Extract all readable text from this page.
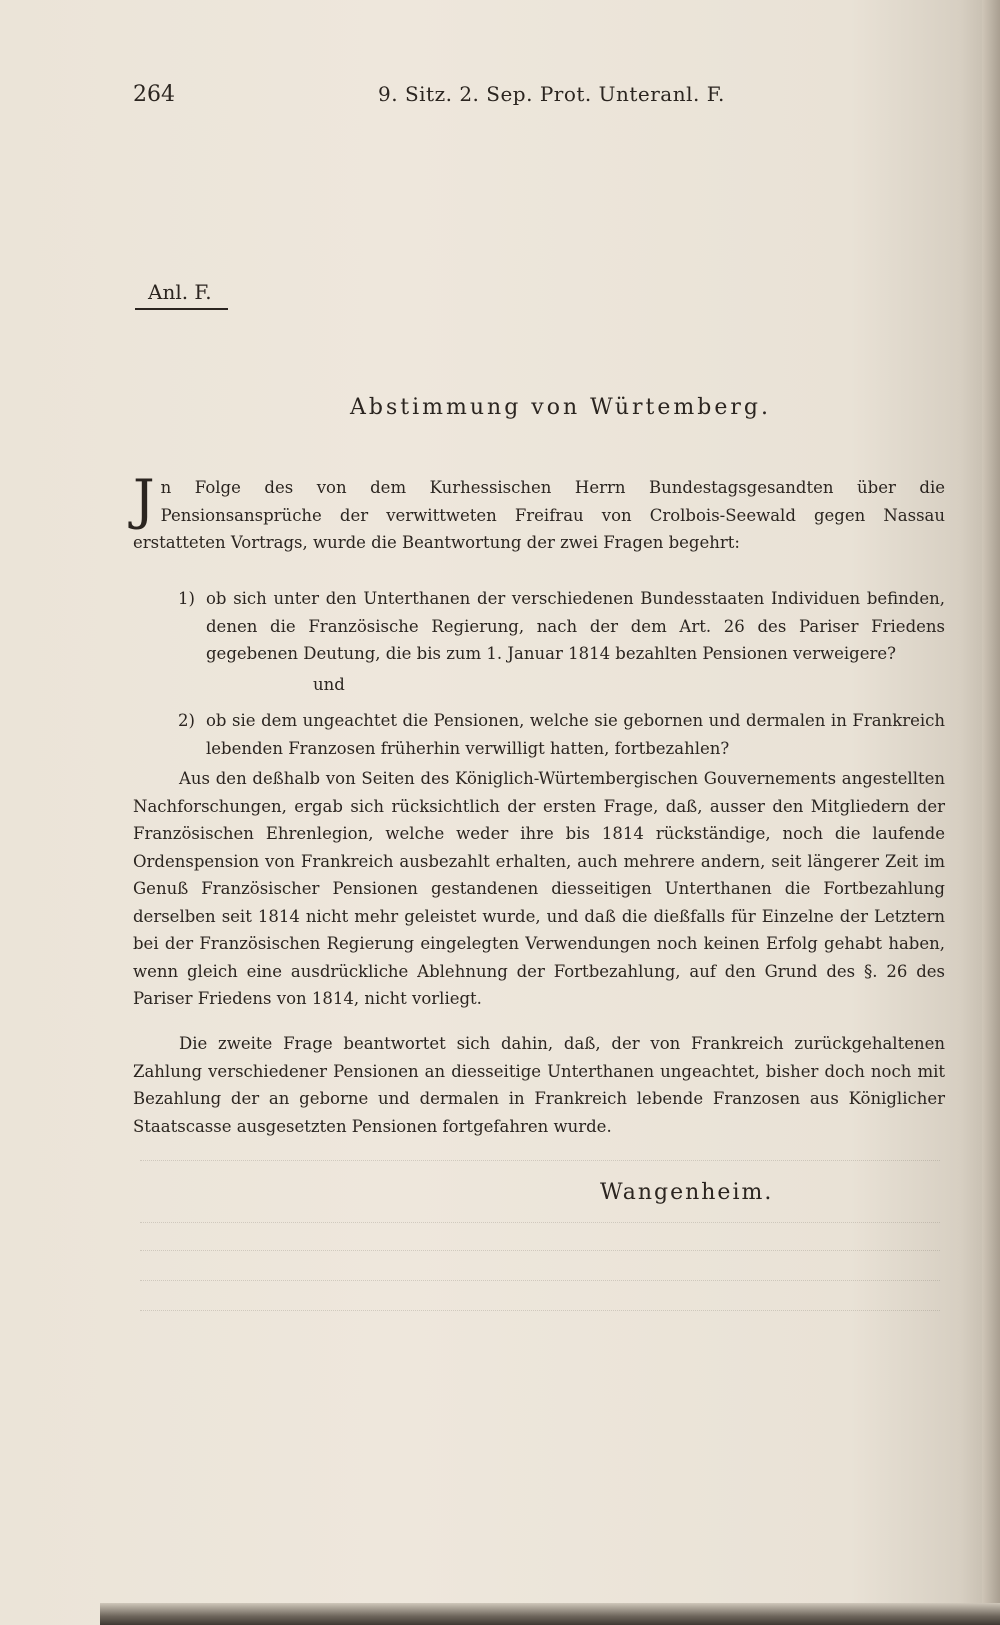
264	9. Sitz. 2. Sep. Prot. Unteranl. F.
Anl. F.
Abstimmung von Würtemberg.
Jn Folge des von dem Kurhessischen Herrn Bundestagsgesandten über die Pensionsansprüche der verwittweten Freifrau von Crolbois-Seewald gegen Nassau erstatteten Vortrags, wurde die Beantwortung der zwei Fragen begehrt:
1) ob sich unter den Unterthanen der verschiedenen Bundesstaaten Individuen befinden, denen die Französische Regierung, nach der dem Art. 26 des Pariser Friedens gegebenen Deutung, die bis zum 1. Januar 1814 bezahlten Pensionen verweigere?
und
2) ob sie dem ungeachtet die Pensionen, welche sie gebornen und dermalen in Frankreich lebenden Franzosen früherhin verwilligt hatten, fortbezahlen?
Aus den deßhalb von Seiten des Königlich-Würtembergischen Gouvernements angestellten Nachforschungen, ergab sich rücksichtlich der ersten Frage, daß, ausser den Mitgliedern der Französischen Ehrenlegion, welche weder ihre bis 1814 rückständige, noch die laufende Ordenspension von Frankreich ausbezahlt erhalten, auch mehrere andern, seit längerer Zeit im Genuß Französischer Pensionen gestandenen diesseitigen Unterthanen die Fortbezahlung derselben seit 1814 nicht mehr geleistet wurde, und daß die dießfalls für Einzelne der Letztern bei der Französischen Regierung eingelegten Verwendungen noch keinen Erfolg gehabt haben, wenn gleich eine ausdrückliche Ablehnung der Fortbezahlung, auf den Grund des §. 26 des Pariser Friedens von 1814, nicht vorliegt.
Die zweite Frage beantwortet sich dahin, daß, der von Frankreich zurückgehaltenen Zahlung verschiedener Pensionen an diesseitige Unterthanen ungeachtet, bisher doch noch mit Bezahlung der an geborne und dermalen in Frankreich lebende Franzosen aus Königlicher Staatscasse ausgesetzten Pensionen fortgefahren wurde.
Wangenheim.
